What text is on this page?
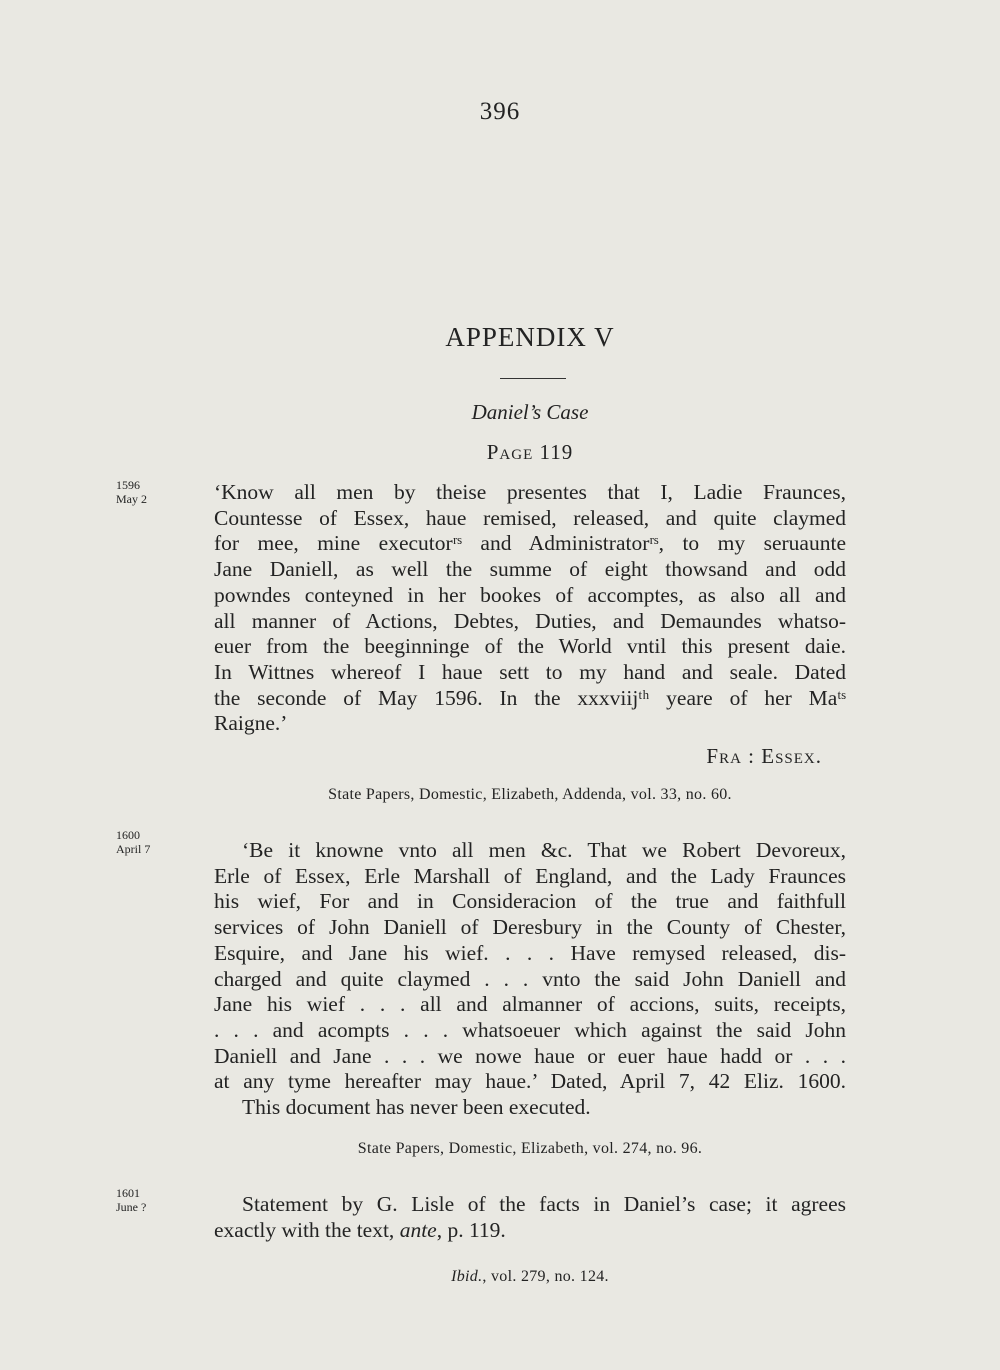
396
APPENDIX V
Daniel’s Case
Page 119
1596
May 2	‘Know all men by theise presentes that I, Ladie Fraunces,
Countesse of Essex, haue remised, released, and quite claymed
for mee, mine executorʳˢ and Administratorʳˢ, to my seruaunte
Jane Daniell, as well the summe of eight thowsand and odd
powndes conteyned in her bookes of accomptes, as also all and
all manner of Actions, Debtes, Duties, and Demaundes whatso-
euer from the beeginninge of the World vntil this present daie.
In Wittnes whereof I haue sett to my hand and seale. Dated
the seconde of May 1596. In the xxxviijᵗʰ yeare of her Maᵗˢ
Raigne.’
Fra : Essex.
State Papers, Domestic, Elizabeth, Addenda, vol. 33, no. 60.
1600
April 7	‘Be it knowne vnto all men &c. That we Robert Devoreux,
Erle of Essex, Erle Marshall of England, and the Lady Fraunces
his wief, For and in Consideracion of the true and faithfull
services of John Daniell of Deresbury in the County of Chester,
Esquire, and Jane his wief. . . . Have remysed released, dis-
charged and quite claymed . . . vnto the said John Daniell and
Jane his wief . . . all and almanner of accions, suits, receipts,
. . . and acompts . . . whatsoeuer which against the said John
Daniell and Jane . . . we nowe haue or euer haue hadd or . . .
at any tyme hereafter may haue.’ Dated, April 7, 42 Eliz. 1600.
This document has never been executed.
State Papers, Domestic, Elizabeth, vol. 274, no. 96.
1601
June ?	Statement by G. Lisle of the facts in Daniel’s case; it agrees
exactly with the text, ante, p. 119.
Ibid., vol. 279, no. 124.
